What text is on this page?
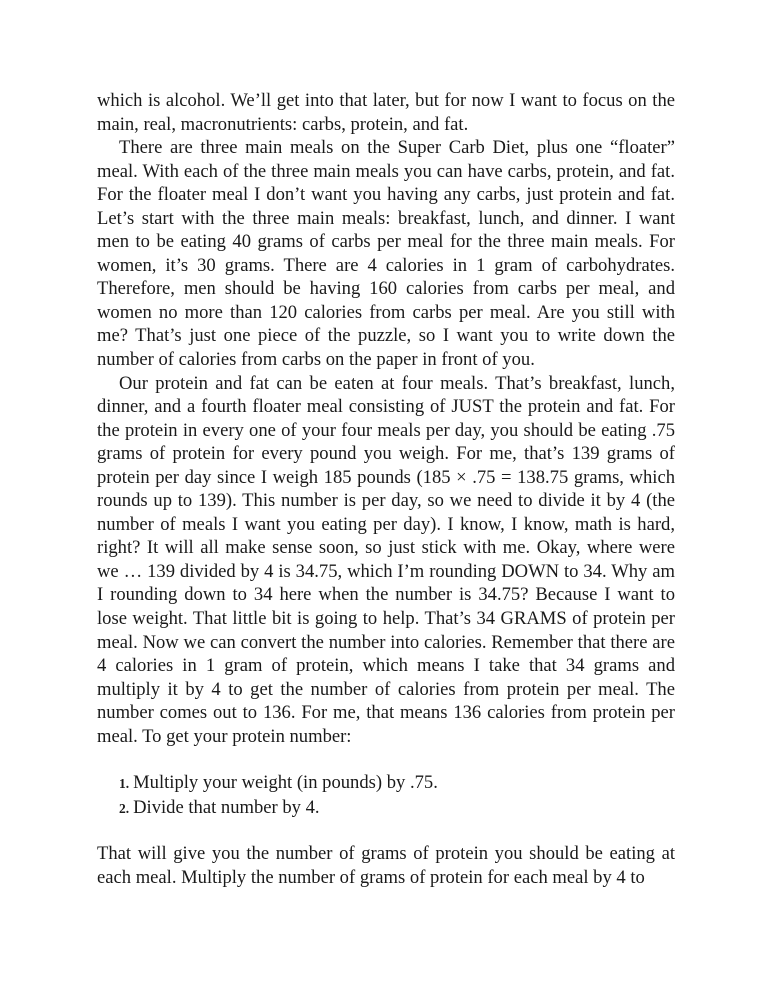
which is alcohol. We’ll get into that later, but for now I want to focus on the main, real, macronutrients: carbs, protein, and fat.

There are three main meals on the Super Carb Diet, plus one “floater” meal. With each of the three main meals you can have carbs, protein, and fat. For the floater meal I don’t want you having any carbs, just protein and fat. Let’s start with the three main meals: breakfast, lunch, and dinner. I want men to be eating 40 grams of carbs per meal for the three main meals. For women, it’s 30 grams. There are 4 calories in 1 gram of carbohydrates. Therefore, men should be having 160 calories from carbs per meal, and women no more than 120 calories from carbs per meal. Are you still with me? That’s just one piece of the puzzle, so I want you to write down the number of calories from carbs on the paper in front of you.

Our protein and fat can be eaten at four meals. That’s breakfast, lunch, dinner, and a fourth floater meal consisting of JUST the protein and fat. For the protein in every one of your four meals per day, you should be eating .75 grams of protein for every pound you weigh. For me, that’s 139 grams of protein per day since I weigh 185 pounds (185 × .75 = 138.75 grams, which rounds up to 139). This number is per day, so we need to divide it by 4 (the number of meals I want you eating per day). I know, I know, math is hard, right? It will all make sense soon, so just stick with me. Okay, where were we … 139 divided by 4 is 34.75, which I’m rounding DOWN to 34. Why am I rounding down to 34 here when the number is 34.75? Because I want to lose weight. That little bit is going to help. That’s 34 GRAMS of protein per meal. Now we can convert the number into calories. Remember that there are 4 calories in 1 gram of protein, which means I take that 34 grams and multiply it by 4 to get the number of calories from protein per meal. The number comes out to 136. For me, that means 136 calories from protein per meal. To get your protein number:

1. Multiply your weight (in pounds) by .75.
2. Divide that number by 4.

That will give you the number of grams of protein you should be eating at each meal. Multiply the number of grams of protein for each meal by 4 to
